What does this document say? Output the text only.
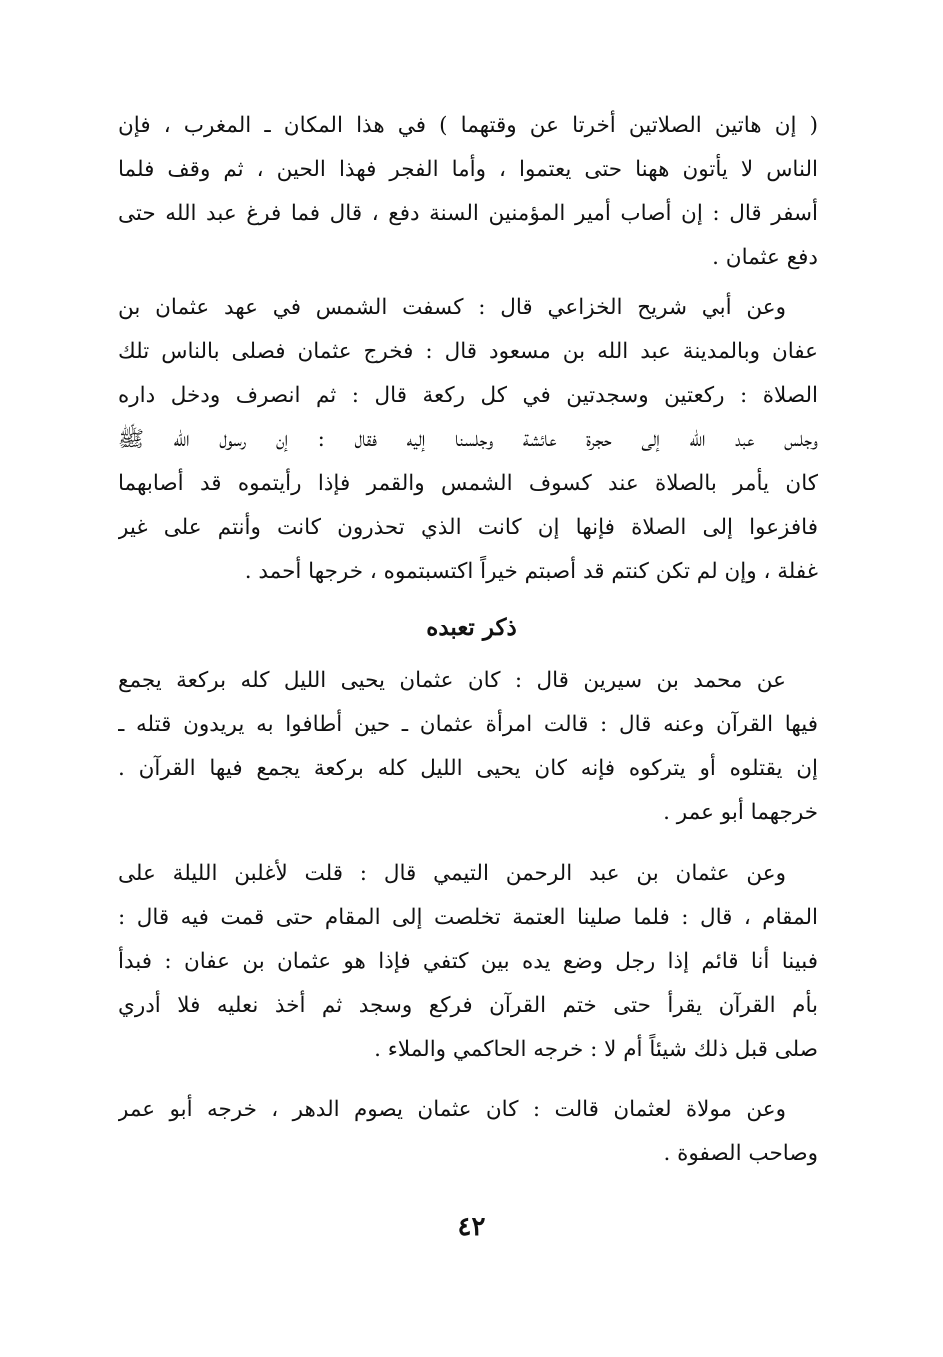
( إن هاتين الصلاتين أخرتا عن وقتهما ) في هذا المكان ـ المغرب ، فإن
الناس لا يأتون ههنا حتى يعتموا ، وأما الفجر فهذا الحين ، ثم وقف فلما
أسفر قال : إن أصاب أمير المؤمنين السنة دفع ، قال فما فرغ عبد الله حتى
دفع عثمان .
وعن أبي شريح الخزاعي قال : كسفت الشمس في عهد عثمان بن
عفان وبالمدينة عبد الله بن مسعود قال : فخرج عثمان فصلى بالناس تلك
الصلاة : ركعتين وسجدتين في كل ركعة قال : ثم انصرف ودخل داره
وجلس عبد الله إلى حجرة عائشة وجلسنا إليه فقال : إن رسول الله ﷺ
كان يأمر بالصلاة عند كسوف الشمس والقمر فإذا رأيتموه قد أصابهما
فافزعوا إلى الصلاة فإنها إن كانت الذي تحذرون كانت وأنتم على غير
غفلة ، وإن لم تكن كنتم قد أصبتم خيراً اكتسبتموه ، خرجها أحمد .
ذكر تعبده
عن محمد بن سيرين قال : كان عثمان يحيى الليل كله بركعة يجمع
فيها القرآن وعنه قال : قالت امرأة عثمان ـ حين أطافوا به يريدون قتله ـ
إن يقتلوه أو يتركوه فإنه كان يحيى الليل كله بركعة يجمع فيها القرآن .
خرجهما أبو عمر .
وعن عثمان بن عبد الرحمن التيمي قال : قلت لأغلبن الليلة على
المقام ، قال : فلما صلينا العتمة تخلصت إلى المقام حتى قمت فيه قال :
فبينا أنا قائم إذا رجل وضع يده بين كتفي فإذا هو عثمان بن عفان : فبدأ
بأم القرآن يقرأ حتى ختم القرآن فركع وسجد ثم أخذ نعليه فلا أدري
صلى قبل ذلك شيئاً أم لا : خرجه الحاكمي والملاء .
وعن مولاة لعثمان قالت : كان عثمان يصوم الدهر ، خرجه أبو عمر
وصاحب الصفوة .
٤٢
